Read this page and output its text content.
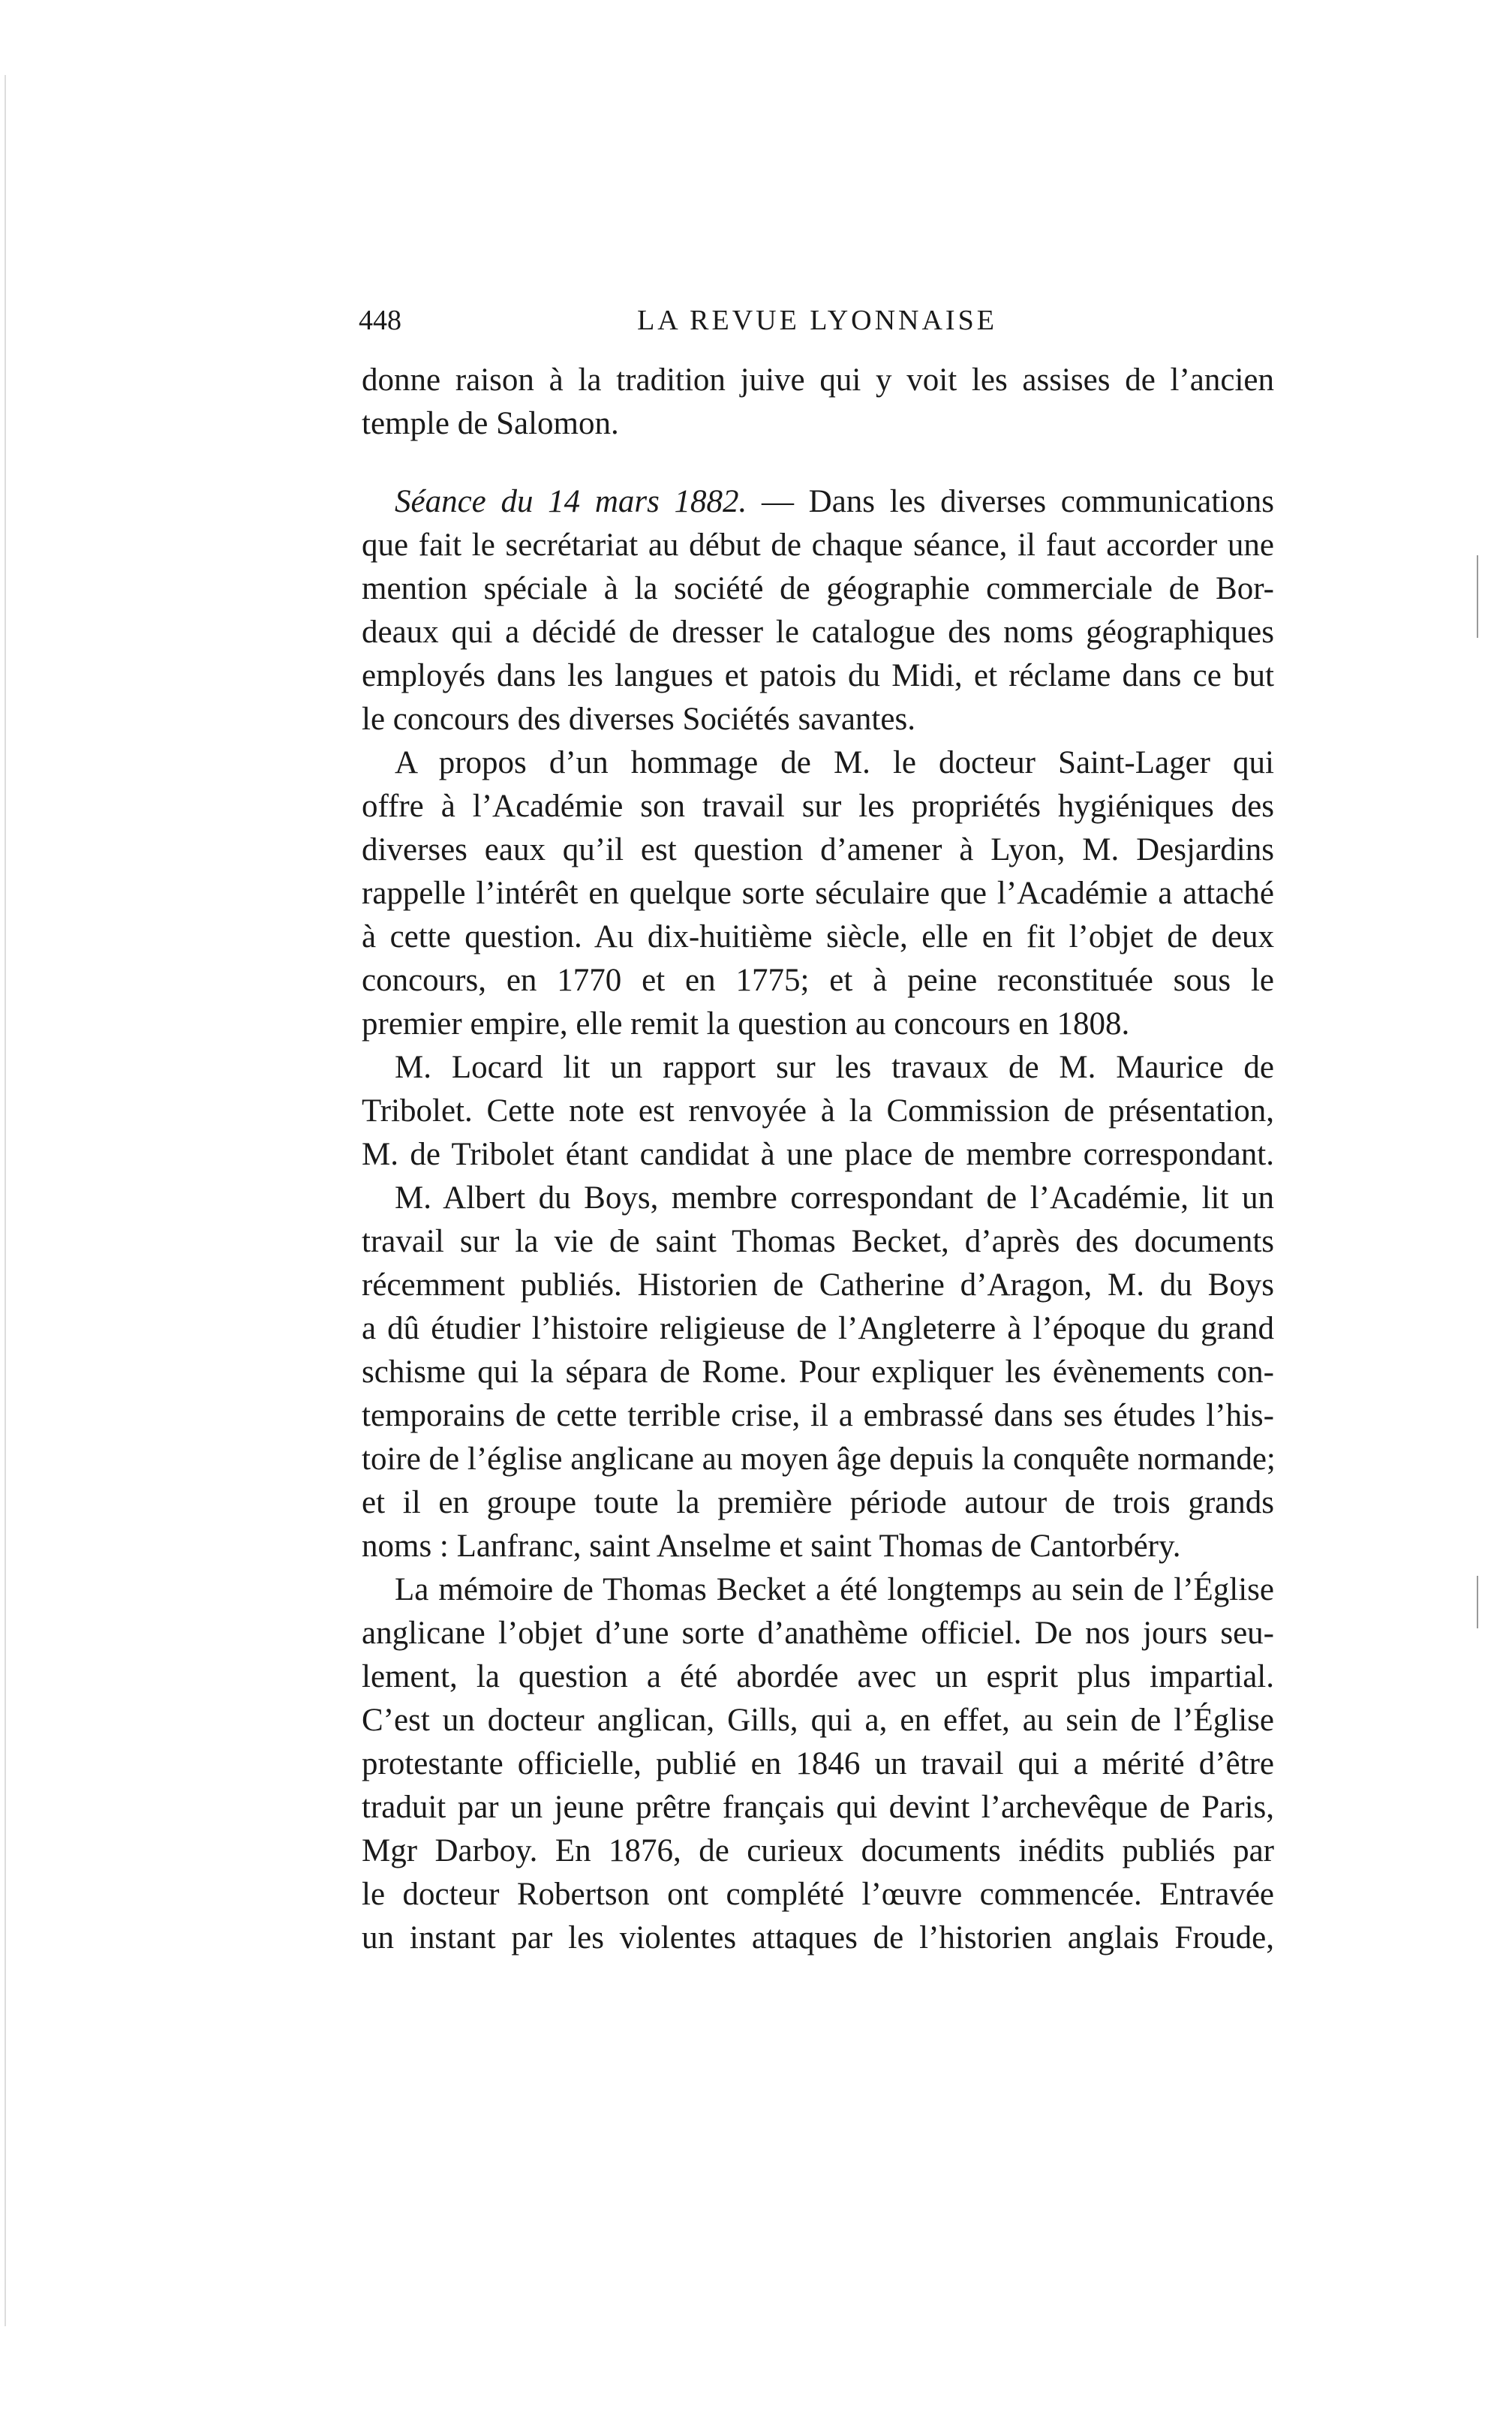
448	LA REVUE LYONNAISE
donne raison à la tradition juive qui y voit les assises de l’ancien
temple de Salomon.
Séance du 14 mars 1882. — Dans les diverses communications
que fait le secrétariat au début de chaque séance, il faut accorder une
mention spéciale à la société de géographie commerciale de Bor-
deaux qui a décidé de dresser le catalogue des noms géographiques
employés dans les langues et patois du Midi, et réclame dans ce but
le concours des diverses Sociétés savantes.
A propos d’un hommage de M. le docteur Saint-Lager qui
offre à l’Académie son travail sur les propriétés hygiéniques des
diverses eaux qu’il est question d’amener à Lyon, M. Desjardins
rappelle l’intérêt en quelque sorte séculaire que l’Académie a attaché
à cette question. Au dix-huitième siècle, elle en fit l’objet de deux
concours, en 1770 et en 1775; et à peine reconstituée sous le
premier empire, elle remit la question au concours en 1808.
M. Locard lit un rapport sur les travaux de M. Maurice de
Tribolet. Cette note est renvoyée à la Commission de présentation,
M. de Tribolet étant candidat à une place de membre correspondant.
M. Albert du Boys, membre correspondant de l’Académie, lit un
travail sur la vie de saint Thomas Becket, d’après des documents
récemment publiés. Historien de Catherine d’Aragon, M. du Boys
a dû étudier l’histoire religieuse de l’Angleterre à l’époque du grand
schisme qui la sépara de Rome. Pour expliquer les évènements con-
temporains de cette terrible crise, il a embrassé dans ses études l’his-
toire de l’église anglicane au moyen âge depuis la conquête normande;
et il en groupe toute la première période autour de trois grands
noms : Lanfranc, saint Anselme et saint Thomas de Cantorbéry.
La mémoire de Thomas Becket a été longtemps au sein de l’Église
anglicane l’objet d’une sorte d’anathème officiel. De nos jours seu-
lement, la question a été abordée avec un esprit plus impartial.
C’est un docteur anglican, Gills, qui a, en effet, au sein de l’Église
protestante officielle, publié en 1846 un travail qui a mérité d’être
traduit par un jeune prêtre français qui devint l’archevêque de Paris,
Mgr Darboy. En 1876, de curieux documents inédits publiés par
le docteur Robertson ont complété l’œuvre commencée. Entravée
un instant par les violentes attaques de l’historien anglais Froude,
